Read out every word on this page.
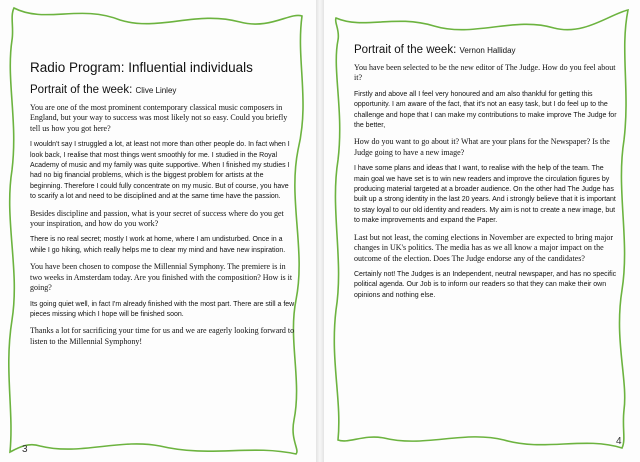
Radio Program: Influential individuals
Portrait of the week: Clive Linley

You are one of the most prominent contemporary classical music composers in England, but your way to success was most likely not so easy. Could you briefly tell us how you got here?

I wouldn't say I struggled a lot, at least not more than other people do. In fact when I look back, I realise that most things went smoothly for me. I studied in the Royal Academy of music and my family was quite supportive. When I finished my studies I had no big financial problems, which is the biggest problem for artists at the beginning. Therefore I could fully concentrate on my music. But of course, you have to scarify a lot and need to be disciplined and at the same time have the passion.

Besides discipline and passion, what is your secret of success where do you get your inspiration, and how do you work?

There is no real secret; mostly I work at home, where I am undisturbed. Once in a while I go hiking, which really helps me to clear my mind and have new inspiration.

You have been chosen to compose the Millennial Symphony. The premiere is in two weeks in Amsterdam today. Are you finished with the composition? How is it going?

Its going quiet well, in fact I'm already finished with the most part. There are still a few pieces missing which I hope will be finished soon.

Thanks a lot for sacrificing your time for us and we are eagerly looking forward to listen to the Millennial Symphony!

3
Portrait of the week: Vernon Halliday

You have been selected to be the new editor of The Judge. How do you feel about it?

Firstly and above all I feel very honoured and am also thankful for getting this opportunity. I am aware of the fact, that it's not an easy task, but I do feel up to the challenge and hope that I can make my contributions to make improve The Judge for the better,

How do you want to go about it? What are your plans for the Newspaper? Is the Judge going to have a new image?

I have some plans and ideas that I want, to realise with the help of the team. The main goal we have set is to win new readers and improve the circulation figures by producing material targeted at a broader audience. On the other had The Judge has built up a strong identity in the last 20 years. And i strongly believe that it is important to stay loyal to our old identity and readers. My aim is not to create a new image, but to make improvements and expand the Paper.

Last but not least, the coming elections in November are expected to bring major changes in UK's politics. The media has as we all know a major impact on the outcome of the election. Does The Judge endorse any of the candidates?

Certainly not! The Judges is an Independent, neutral newspaper, and has no specific political agenda. Our Job is to inform our readers so that they can make their own opinions and nothing else.

4
